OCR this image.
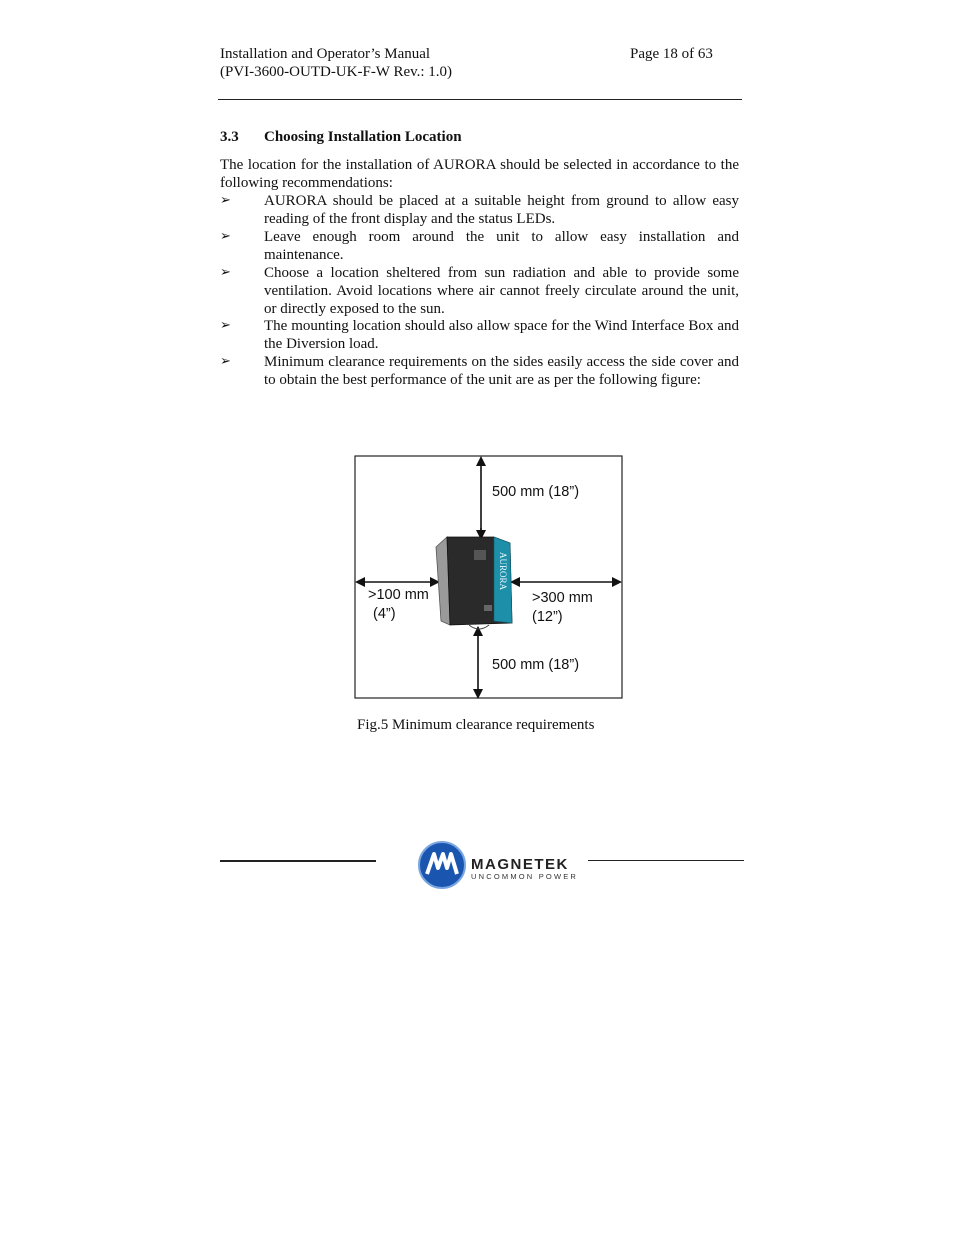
Installation and Operator’s Manual
(PVI-3600-OUTD-UK-F-W Rev.: 1.0)
Page 18 of 63
3.3 Choosing Installation Location
The location for the installation of AURORA should be selected in accordance to the following recommendations:
➢ AURORA should be placed at a suitable height from ground to allow easy reading of the front display and the status LEDs.
➢ Leave enough room around the unit to allow easy installation and maintenance.
➢ Choose a location sheltered from sun radiation and able to provide some ventilation. Avoid locations where air cannot freely circulate around the unit, or directly exposed to the sun.
➢ The mounting location should also allow space for the Wind Interface Box and the Diversion load.
➢ Minimum clearance requirements on the sides easily access the side cover and to obtain the best performance of the unit are as per the following figure:
AURORA
500 mm (18”)
500 mm (18”)
>100 mm
(4”)
>300 mm
(12”)
Fig.5 Minimum clearance requirements
MAGNETEK
UNCOMMON POWER
